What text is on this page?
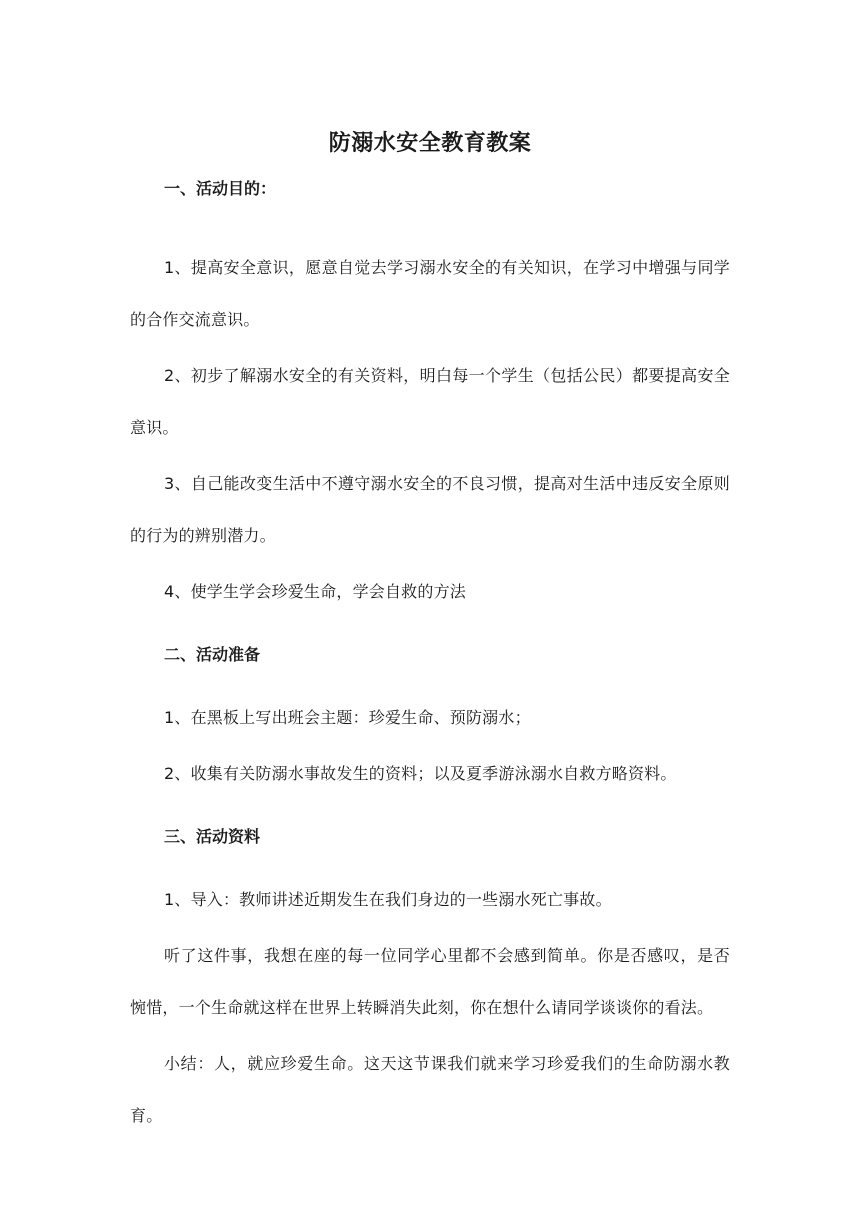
防溺水安全教育教案

一、活动目的：

1、提高安全意识，愿意自觉去学习溺水安全的有关知识，在学习中增强与同学的合作交流意识。

2、初步了解溺水安全的有关资料，明白每一个学生（包括公民）都要提高安全意识。

3、自己能改变生活中不遵守溺水安全的不良习惯，提高对生活中违反安全原则的行为的辨别潜力。

4、使学生学会珍爱生命，学会自救的方法

二、活动准备

1、在黑板上写出班会主题：珍爱生命、预防溺水；

2、收集有关防溺水事故发生的资料；以及夏季游泳溺水自救方略资料。

三、活动资料

1、导入：教师讲述近期发生在我们身边的一些溺水死亡事故。

听了这件事，我想在座的每一位同学心里都不会感到简单。你是否感叹，是否惋惜，一个生命就这样在世界上转瞬消失此刻，你在想什么请同学谈谈你的看法。

小结：人，就应珍爱生命。这天这节课我们就来学习珍爱我们的生命防溺水教育。
